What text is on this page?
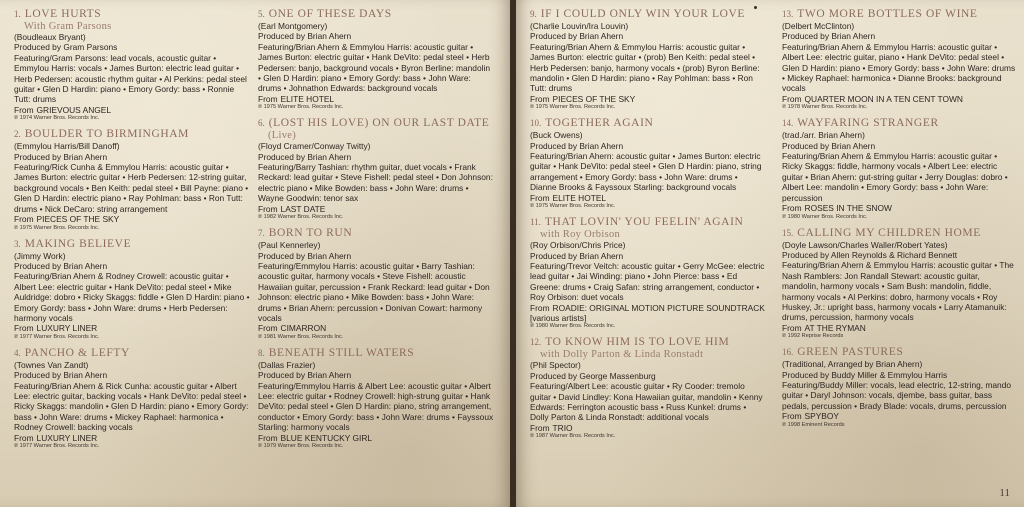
1. LOVE HURTS
With Gram Parsons
(Boudleaux Bryant)
Produced by Gram Parsons
Featuring/Gram Parsons: lead vocals, acoustic guitar • Emmylou Harris: vocals • James Burton: electric lead guitar • Herb Pedersen: acoustic rhythm guitar • Al Perkins: pedal steel guitar • Glen D Hardin: piano • Emory Gordy: bass • Ronnie Tutt: drums
From GRIEVOUS ANGEL
℗ 1974 Warner Bros. Records Inc.
2. BOULDER TO BIRMINGHAM
(Emmylou Harris/Bill Danoff)
Produced by Brian Ahern
Featuring/Rick Cunha & Emmylou Harris: acoustic guitar • James Burton: electric guitar • Herb Pedersen: 12-string guitar, background vocals • Ben Keith: pedal steel • Bill Payne: piano • Glen D Hardin: electric piano • Ray Pohlman: bass • Ron Tutt: drums • Nick DeCaro: string arrangement
From PIECES OF THE SKY
℗ 1975 Warner Bros. Records Inc.
3. MAKING BELIEVE
(Jimmy Work)
Produced by Brian Ahern
Featuring/Brian Ahern & Rodney Crowell: acoustic guitar • Albert Lee: electric guitar • Hank DeVito: pedal steel • Mike Auldridge: dobro • Ricky Skaggs: fiddle • Glen D Hardin: piano • Emory Gordy: bass • John Ware: drums • Herb Pedersen: harmony vocals
From LUXURY LINER
℗ 1977 Warner Bros. Records Inc.
4. PANCHO & LEFTY
(Townes Van Zandt)
Produced by Brian Ahern
Featuring/Brian Ahern & Rick Cunha: acoustic guitar • Albert Lee: electric guitar, backing vocals • Hank DeVito: pedal steel • Ricky Skaggs: mandolin • Glen D Hardin: piano • Emory Gordy: bass • John Ware: drums • Mickey Raphael: harmonica • Rodney Crowell: backing vocals
From LUXURY LINER
℗ 1977 Warner Bros. Records Inc.
5. ONE OF THESE DAYS
(Earl Montgomery)
Produced by Brian Ahern
Featuring/Brian Ahern & Emmylou Harris: acoustic guitar • James Burton: electric guitar • Hank DeVito: pedal steel • Herb Pedersen: banjo, background vocals • Byron Berline: mandolin • Glen D Hardin: piano • Emory Gordy: bass • John Ware: drums • Johnathon Edwards: background vocals
From ELITE HOTEL
℗ 1975 Warner Bros. Records Inc.
6. (LOST HIS LOVE) ON OUR LAST DATE
(Live)
(Floyd Cramer/Conway Twitty)
Produced by Brian Ahern
Featuring/Barry Tashian: rhythm guitar, duet vocals • Frank Reckard: lead guitar • Steve Fishell: pedal steel • Don Johnson: electric piano • Mike Bowden: bass • John Ware: drums • Wayne Goodwin: tenor sax
From LAST DATE
℗ 1982 Warner Bros. Records Inc.
7. BORN TO RUN
(Paul Kennerley)
Produced by Brian Ahern
Featuring/Emmylou Harris: acoustic guitar • Barry Tashian: acoustic guitar, harmony vocals • Steve Fishell: acoustic Hawaiian guitar, percussion • Frank Reckard: lead guitar • Don Johnson: electric piano • Mike Bowden: bass • John Ware: drums • Brian Ahern: percussion • Donivan Cowart: harmony vocals
From CIMARRON
℗ 1981 Warner Bros. Records Inc.
8. BENEATH STILL WATERS
(Dallas Frazier)
Produced by Brian Ahern
Featuring/Emmylou Harris & Albert Lee: acoustic guitar • Albert Lee: electric guitar • Rodney Crowell: high-strung guitar • Hank DeVito: pedal steel • Glen D Hardin: piano, string arrangement, conductor • Emory Gordy: bass • John Ware: drums • Fayssoux Starling: harmony vocals
From BLUE KENTUCKY GIRL
℗ 1979 Warner Bros. Records Inc.
9. IF I COULD ONLY WIN YOUR LOVE
(Charlie Louvin/Ira Louvin)
Produced by Brian Ahern
Featuring/Brian Ahern & Emmylou Harris: acoustic guitar • James Burton: electric guitar • (prob) Ben Keith: pedal steel • Herb Pedersen: banjo, harmony vocals • (prob) Byron Berline: mandolin • Glen D Hardin: piano • Ray Pohlman: bass • Ron Tutt: drums
From PIECES OF THE SKY
℗ 1975 Warner Bros. Records Inc.
10. TOGETHER AGAIN
(Buck Owens)
Produced by Brian Ahern
Featuring/Brian Ahern: acoustic guitar • James Burton: electric guitar • Hank DeVito: pedal steel • Glen D Hardin: piano, string arrangement • Emory Gordy: bass • John Ware: drums • Dianne Brooks & Fayssoux Starling: background vocals
From ELITE HOTEL
℗ 1975 Warner Bros. Records Inc.
11. THAT LOVIN' YOU FEELIN' AGAIN
with Roy Orbison
(Roy Orbison/Chris Price)
Produced by Brian Ahern
Featuring/Trevor Veitch: acoustic guitar • Gerry McGee: electric lead guitar • Jai Winding: piano • John Pierce: bass • Ed Greene: drums • Craig Safan: string arrangement, conductor • Roy Orbison: duet vocals
From ROADIE: ORIGINAL MOTION PICTURE SOUNDTRACK [various artists]
℗ 1980 Warner Bros. Records Inc.
12. TO KNOW HIM IS TO LOVE HIM
with Dolly Parton & Linda Ronstadt
(Phil Spector)
Produced by George Massenburg
Featuring/Albert Lee: acoustic guitar • Ry Cooder: tremolo guitar • David Lindley: Kona Hawaiian guitar, mandolin • Kenny Edwards: Ferrington acoustic bass • Russ Kunkel: drums • Dolly Parton & Linda Ronstadt: additional vocals
From TRIO
℗ 1987 Warner Bros. Records Inc.
13. TWO MORE BOTTLES OF WINE
(Delbert McClinton)
Produced by Brian Ahern
Featuring/Brian Ahern & Emmylou Harris: acoustic guitar • Albert Lee: electric guitar, piano • Hank DeVito: pedal steel • Glen D Hardin: piano • Emory Gordy: bass • John Ware: drums • Mickey Raphael: harmonica • Dianne Brooks: background vocals
From QUARTER MOON IN A TEN CENT TOWN
℗ 1978 Warner Bros. Records Inc.
14. WAYFARING STRANGER
(trad./arr. Brian Ahern)
Produced by Brian Ahern
Featuring/Brian Ahern & Emmylou Harris: acoustic guitar • Ricky Skaggs: fiddle, harmony vocals • Albert Lee: electric guitar • Brian Ahern: gut-string guitar • Jerry Douglas: dobro • Albert Lee: mandolin • Emory Gordy: bass • John Ware: percussion
From ROSES IN THE SNOW
℗ 1980 Warner Bros. Records Inc.
15. CALLING MY CHILDREN HOME
(Doyle Lawson/Charles Waller/Robert Yates)
Produced by Allen Reynolds & Richard Bennett
Featuring/Brian Ahern & Emmylou Harris: acoustic guitar • The Nash Ramblers: Jon Randall Stewart: acoustic guitar, mandolin, harmony vocals • Sam Bush: mandolin, fiddle, harmony vocals • Al Perkins: dobro, harmony vocals • Roy Huskey, Jr.: upright bass, harmony vocals • Larry Atamanuik: drums, percussion, harmony vocals
From AT THE RYMAN
℗ 1992 Reprise Records
16. GREEN PASTURES
(Traditional, Arranged by Brian Ahern)
Produced by Buddy Miller & Emmylou Harris
Featuring/Buddy Miller: vocals, lead electric, 12-string, mando guitar • Daryl Johnson: vocals, djembe, bass guitar, bass pedals, percussion • Brady Blade: vocals, drums, percussion
From SPYBOY
℗ 1998 Eminent Records
11
